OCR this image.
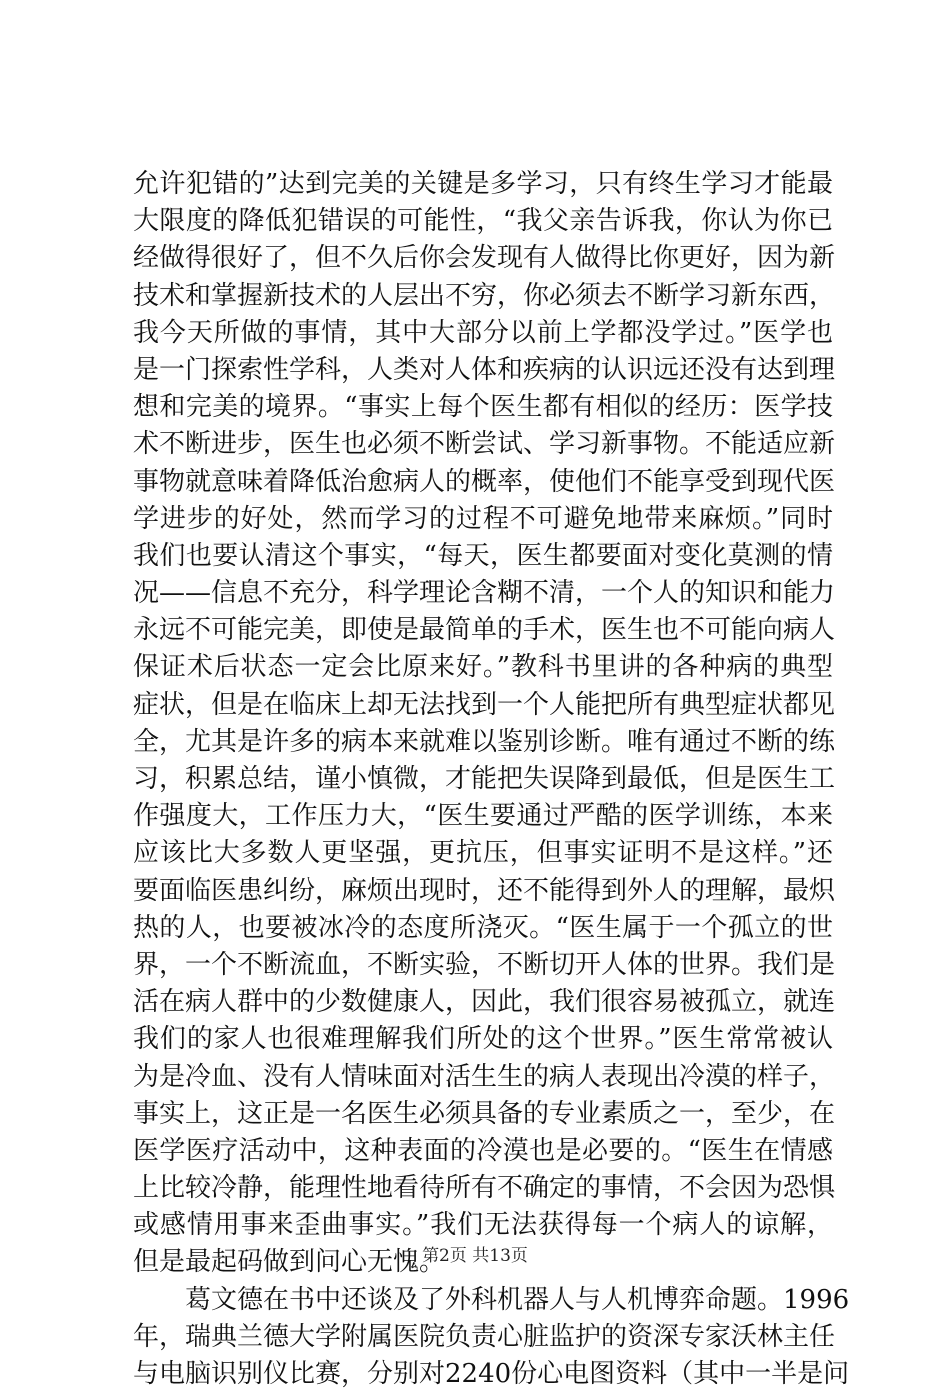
允许犯错的”达到完美的关键是多学习，只有终生学习才能最
大限度的降低犯错误的可能性，“我父亲告诉我，你认为你已
经做得很好了，但不久后你会发现有人做得比你更好，因为新
技术和掌握新技术的人层出不穷，你必须去不断学习新东西，
我今天所做的事情，其中大部分以前上学都没学过。”医学也
是一门探索性学科，人类对人体和疾病的认识远还没有达到理
想和完美的境界。“事实上每个医生都有相似的经历：医学技
术不断进步，医生也必须不断尝试、学习新事物。不能适应新
事物就意味着降低治愈病人的概率，使他们不能享受到现代医
学进步的好处，然而学习的过程不可避免地带来麻烦。”同时
我们也要认清这个事实，“每天，医生都要面对变化莫测的情
况——信息不充分，科学理论含糊不清，一个人的知识和能力
永远不可能完美，即使是最简单的手术，医生也不可能向病人
保证术后状态一定会比原来好。”教科书里讲的各种病的典型
症状，但是在临床上却无法找到一个人能把所有典型症状都见
全，尤其是许多的病本来就难以鉴别诊断。唯有通过不断的练
习，积累总结，谨小慎微，才能把失误降到最低，但是医生工
作强度大，工作压力大，“医生要通过严酷的医学训练，本来
应该比大多数人更坚强，更抗压，但事实证明不是这样。”还
要面临医患纠纷，麻烦出现时，还不能得到外人的理解，最炽
热的人，也要被冰冷的态度所浇灭。“医生属于一个孤立的世
界，一个不断流血，不断实验，不断切开人体的世界。我们是
活在病人群中的少数健康人，因此，我们很容易被孤立，就连
我们的家人也很难理解我们所处的这个世界。”医生常常被认
为是冷血、没有人情味面对活生生的病人表现出冷漠的样子，
事实上，这正是一名医生必须具备的专业素质之一，至少，在
医学医疗活动中，这种表面的冷漠也是必要的。“医生在情感
上比较冷静，能理性地看待所有不确定的事情，不会因为恐惧
或感情用事来歪曲事实。”我们无法获得每一个病人的谅解，
但是最起码做到问心无愧。
葛文德在书中还谈及了外科机器人与人机博弈命题。1996
年，瑞典兰德大学附属医院负责心脏监护的资深专家沃林主任
与电脑识别仪比赛，分别对2240份心电图资料（其中一半是问
第2页 共13页
